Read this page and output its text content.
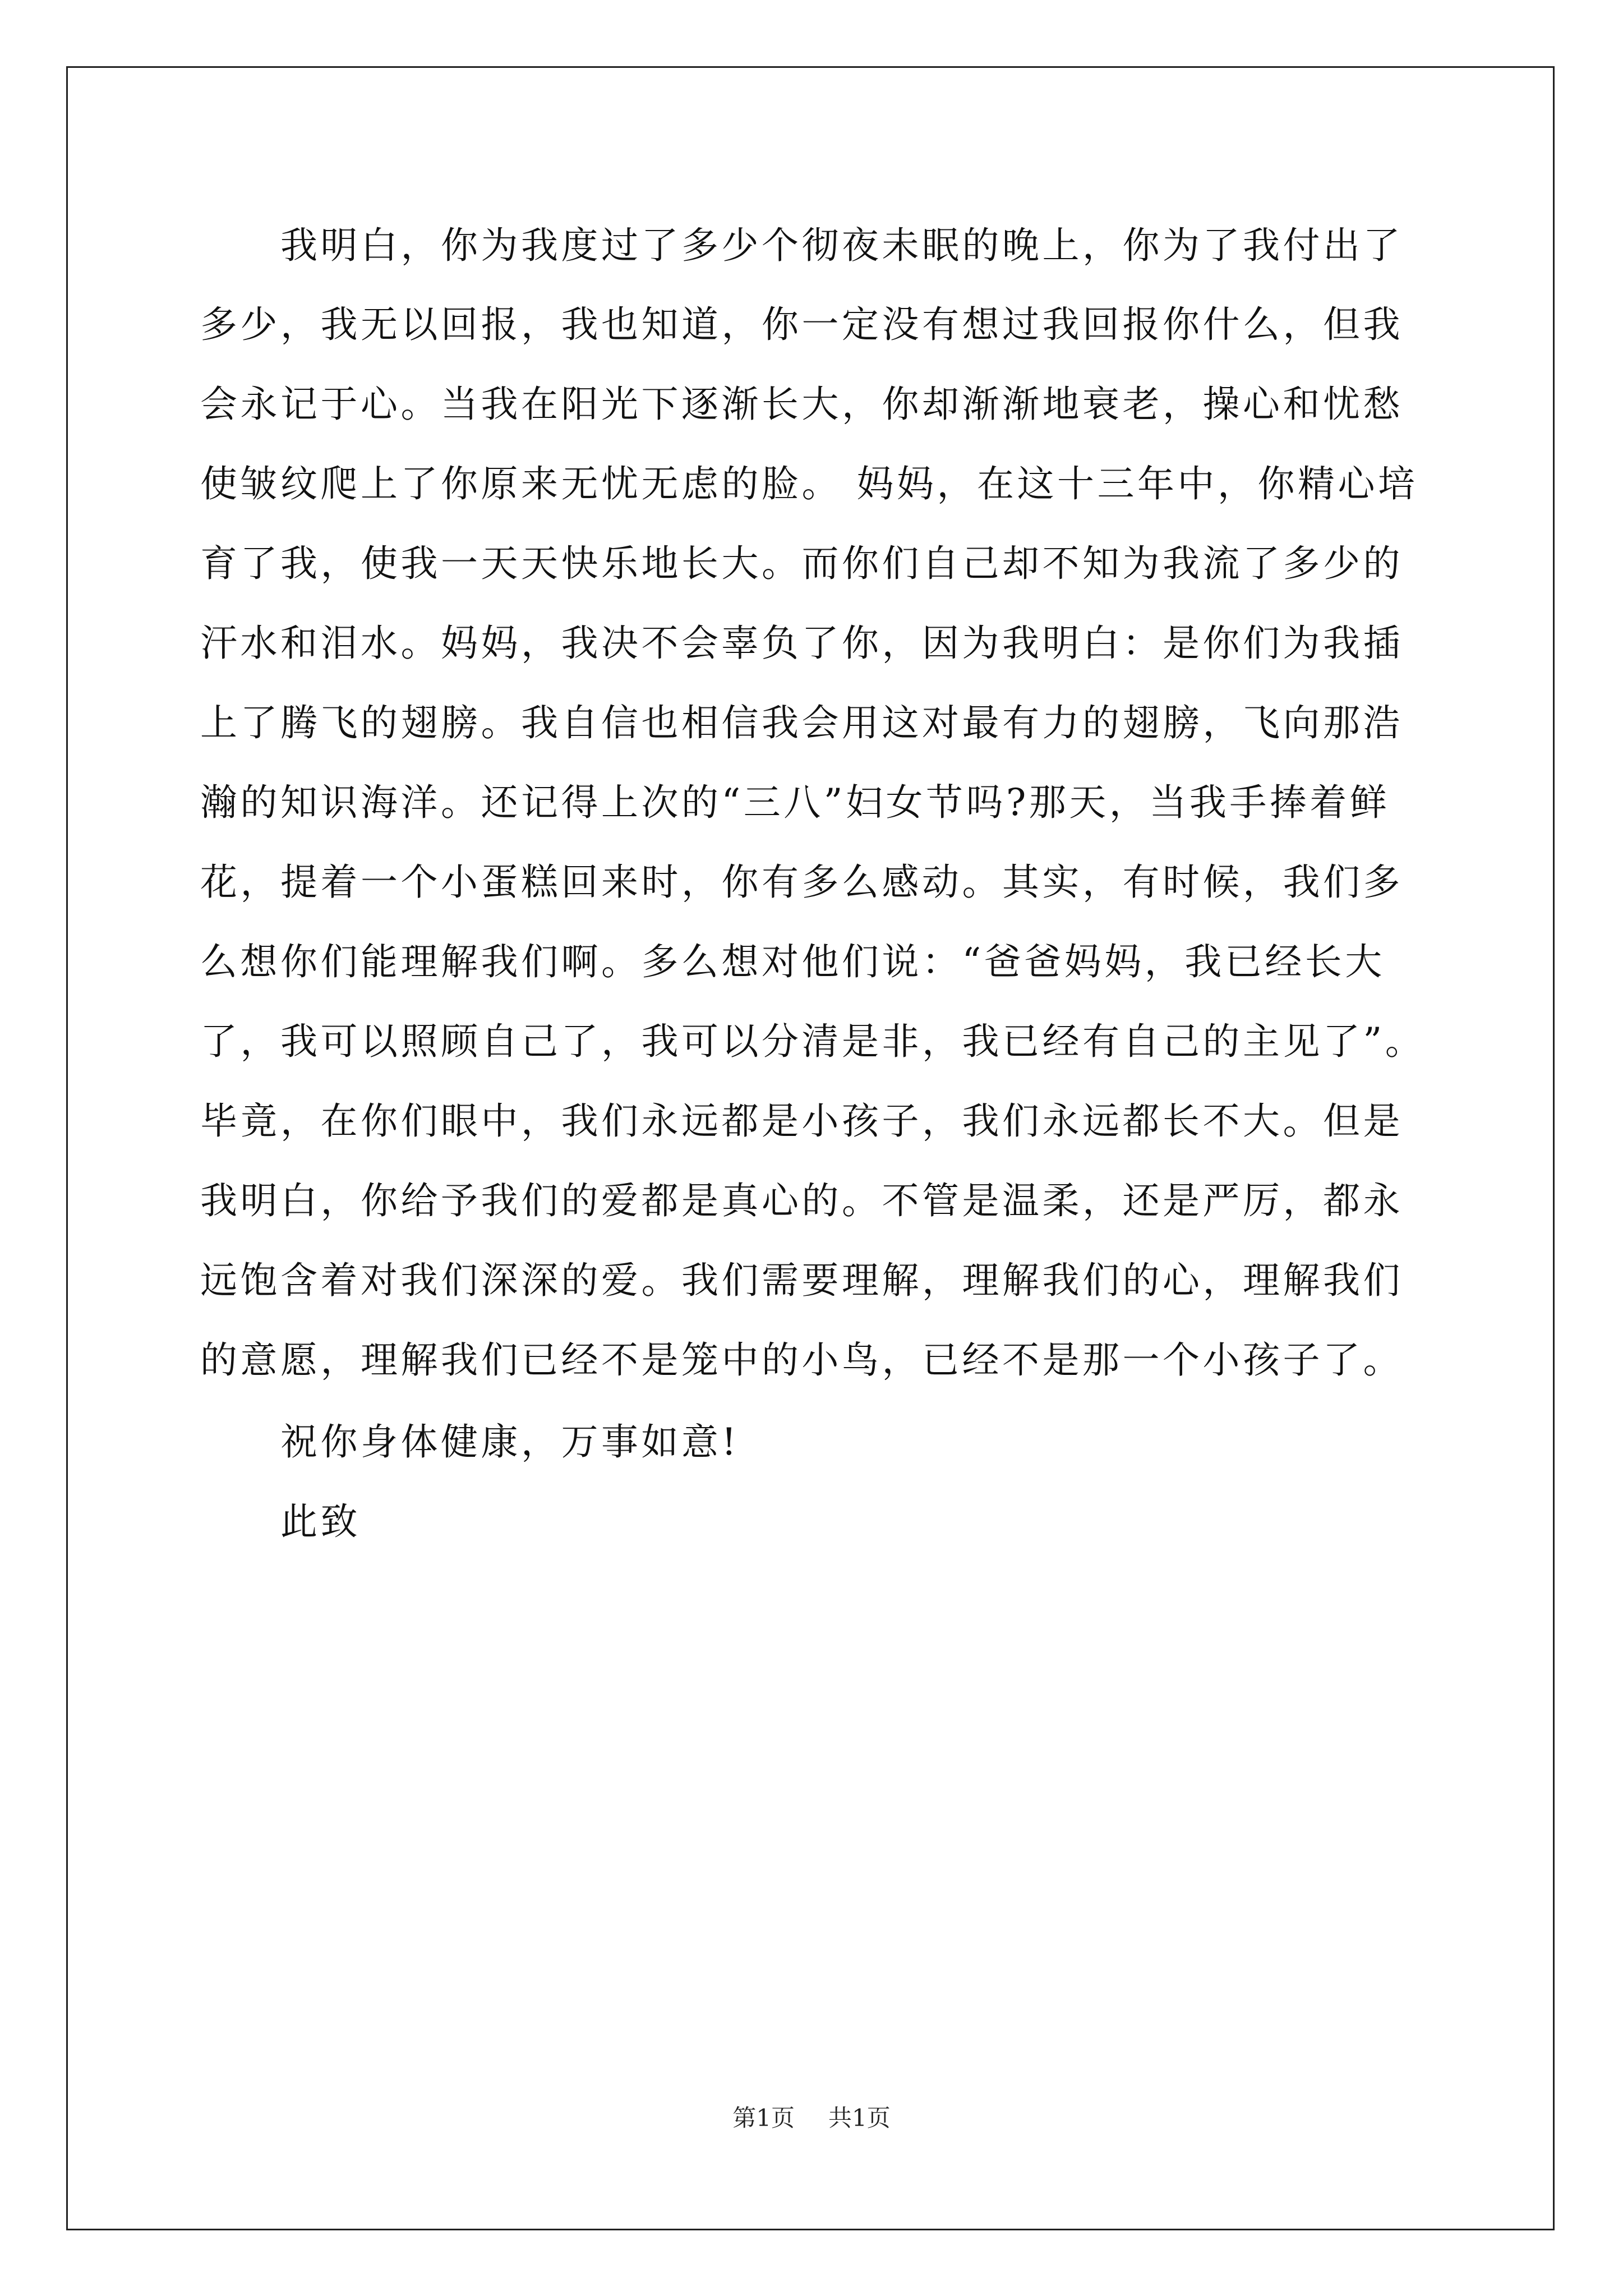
我明白，你为我度过了多少个彻夜未眠的晚上，你为了我付出了
多少，我无以回报，我也知道，你一定没有想过我回报你什么，但我
会永记于心。当我在阳光下逐渐长大，你却渐渐地衰老，操心和忧愁
使皱纹爬上了你原来无忧无虑的脸。 妈妈，在这十三年中，你精心培
育了我，使我一天天快乐地长大。而你们自己却不知为我流了多少的
汗水和泪水。妈妈，我决不会辜负了你，因为我明白：是你们为我插
上了腾飞的翅膀。我自信也相信我会用这对最有力的翅膀，飞向那浩
瀚的知识海洋。还记得上次的“三八”妇女节吗?那天，当我手捧着鲜
花，提着一个小蛋糕回来时，你有多么感动。其实，有时候，我们多
么想你们能理解我们啊。多么想对他们说：“爸爸妈妈，我已经长大
了，我可以照顾自己了，我可以分清是非，我已经有自己的主见了”。
毕竟，在你们眼中，我们永远都是小孩子，我们永远都长不大。但是
我明白，你给予我们的爱都是真心的。不管是温柔，还是严厉，都永
远饱含着对我们深深的爱。我们需要理解，理解我们的心，理解我们
的意愿，理解我们已经不是笼中的小鸟，已经不是那一个小孩子了。
祝你身体健康，万事如意!
此致
第1页 共1页
